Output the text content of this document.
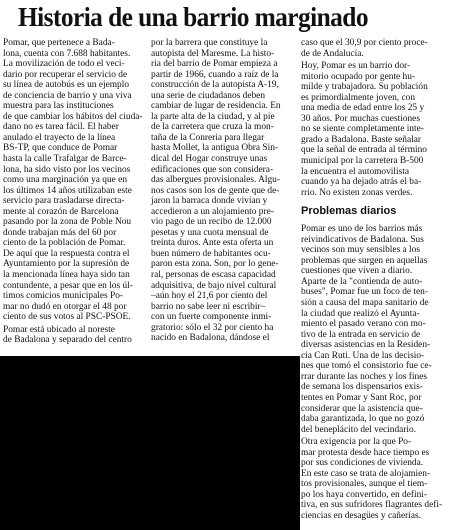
Historia de una barrio marginado

Pomar, que pertenece a Bada-

lona, cuenta con 7.688 habitantes.

La movilización de todo el veci-

dario por recuperar el servicio de

su línea de autobús es un ejemplo

de conciencia de barrio y una viva

muestra para las instituciones

de que cambiar los hábitos del ciuda-

dano no es tarea fácil. El haber

anulado el trayecto de la línea

BS-TP, que conduce de Pomar

hasta la calle Trafalgar de Barce-

lona, ha sido visto por los vecinos

como una marginación ya que en

los últimos 14 años utilizaban este

servicio para trasladarse directa-

mente al corazón de Barcelona

pasando por la zona de Poble Nou

donde trabajan más del 60 por

ciento de la población de Pomar.

De aquí que la respuesta contra el

Ayuntamiento por la supresión de

la mencionada línea haya sido tan

contundente, a pesar que en los úl-

timos comicios municipales Po-

mar no dudó en otorgar el 48 por

ciento de sus votos al PSC-PSOE.

Pomar está ubicado al noreste

de Badalona y separado del centro

por la barrera que constituye la

autopista del Maresme. La histo-

ria del barrio de Pomar empieza a

partir de 1966, cuando a raíz de la

construcción de la autopista A-19,

una serie de ciudadanos deben

cambiar de lugar de residencia. En

la parte alta de la ciudad, y al pie

de la carretera que cruza la mon-

taña de la Conreria para llegar

hasta Mollet, la antigua Obra Sin-

dical del Hogar construye unas

edificaciones que son considera-

das albergues provisionales. Algu-

nos casos son los de gente que de-

jaron la barraca donde vivían y

accedieron a un alojamiento pre-

vio pago de un recibo de 12.000

pesetas y una cuota mensual de

treinta duros. Ante esta oferta un

buen número de habitantes ocu-

paron esta zona. Son, por lo gene-

ral, personas de escasa capacidad

adquisitiva, de bajo nivel cultural

–aún hoy el 21,6 por ciento del

barrio no sabe leer ni escribir–

con un fuerte componente inmi-

gratorio: sólo el 32 por ciento ha

nacido en Badalona, dándose el

caso que el 30,9 por ciento proce-

de de Andalucía.

Hoy, Pomar es un barrio dor-

mitorio ocupado por gente hu-

milde y trabajadora. Su población

es primordialmente joven, con

una media de edad entre los 25 y

30 años. Por muchas cuestiones

no se siente completamente inte-

grado a Badalona. Baste señalar

que la señal de entrada al término

municipal por la carretera B-500

la encuentra el automovilista

cuando ya ha dejado atrás el ba-

rrio. No existen zonas verdes.

Problemas diarios

Pomar es uno de los barrios más

reivindicativos de Badalona. Sus

vecinos son muy sensibles a los

problemas que surgen en aquellas

cuestiones que viven a diario.

Aparte de la "contienda de auto-

buses", Pomar fue un foco de ten-

sión a causa del mapa sanitario de

la ciudad que realizó el Ayunta-

miento el pasado verano con mo-

tivo de la entrada en servicio de

diversas asistencias en la Residen-

cia Can Ruti. Una de las decisio-

nes que tomó el consistorio fue ce-

rrar durante las noches y los fines

de semana los dispensarios exis-

tentes en Pomar y Sant Roc, por

considerar que la asistencia que-

daba garantizada, lo que no gozó

del beneplácito del vecindario.

Otra exigencia por la que Po-

mar protesta desde hace tiempo es

por sus condiciones de vivienda.

En este caso se trata de alojamien-

tos provisionales, aunque el tiem-

po los haya convertido, en defini-

tiva, en sus sufridores flagrantes defi-

ciencias en desagües y cañerías.
